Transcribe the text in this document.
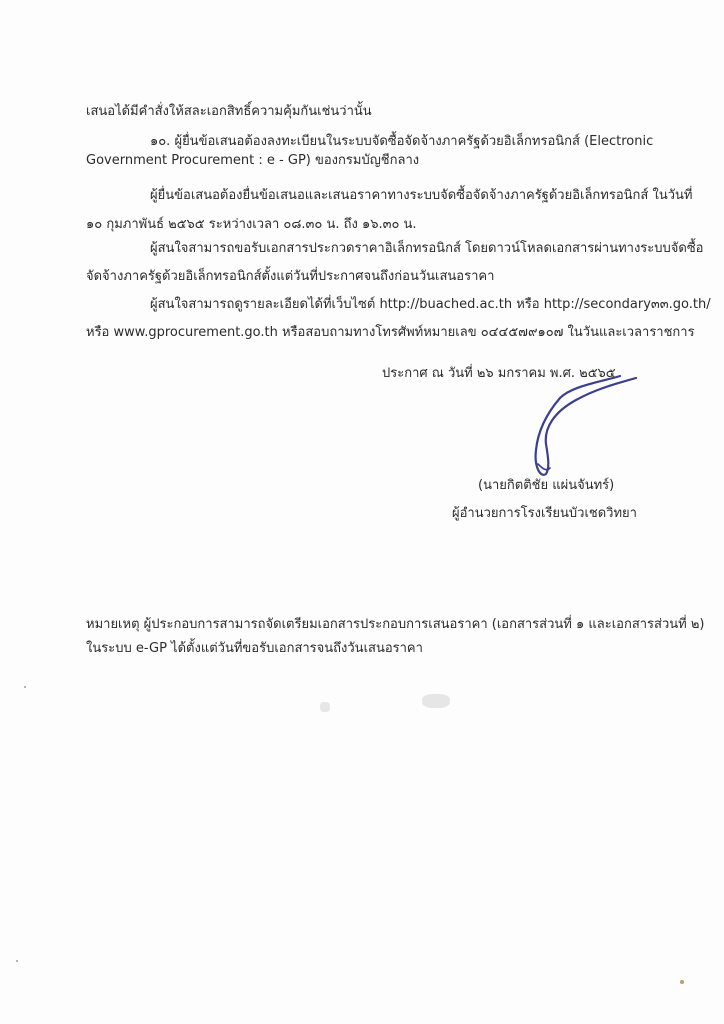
เสนอได้มีคำสั่งให้สละเอกสิทธิ์ความคุ้มกันเช่นว่านั้น
๑๐. ผู้ยื่นข้อเสนอต้องลงทะเบียนในระบบจัดซื้อจัดจ้างภาครัฐด้วยอิเล็กทรอนิกส์ (Electronic
Government Procurement : e - GP) ของกรมบัญชีกลาง
ผู้ยื่นข้อเสนอต้องยื่นข้อเสนอและเสนอราคาทางระบบจัดซื้อจัดจ้างภาครัฐด้วยอิเล็กทรอนิกส์ ในวันที่
๑๐ กุมภาพันธ์ ๒๕๖๕ ระหว่างเวลา ๐๘.๓๐ น. ถึง ๑๖.๓๐ น.
ผู้สนใจสามารถขอรับเอกสารประกวดราคาอิเล็กทรอนิกส์ โดยดาวน์โหลดเอกสารผ่านทางระบบจัดซื้อ
จัดจ้างภาครัฐด้วยอิเล็กทรอนิกส์ตั้งแต่วันที่ประกาศจนถึงก่อนวันเสนอราคา
ผู้สนใจสามารถดูรายละเอียดได้ที่เว็บไซต์ http://buached.ac.th หรือ http://secondary๓๓.go.th/
หรือ www.gprocurement.go.th หรือสอบถามทางโทรศัพท์หมายเลข ๐๔๔๕๗๙๑๐๗ ในวันและเวลาราชการ
ประกาศ ณ วันที่ ๒๖ มกราคม พ.ศ. ๒๕๖๕
(นายกิตติชัย แผ่นจันทร์)
ผู้อำนวยการโรงเรียนบัวเชดวิทยา
หมายเหตุ ผู้ประกอบการสามารถจัดเตรียมเอกสารประกอบการเสนอราคา (เอกสารส่วนที่ ๑ และเอกสารส่วนที่ ๒)
ในระบบ e-GP ได้ตั้งแต่วันที่ขอรับเอกสารจนถึงวันเสนอราคา
